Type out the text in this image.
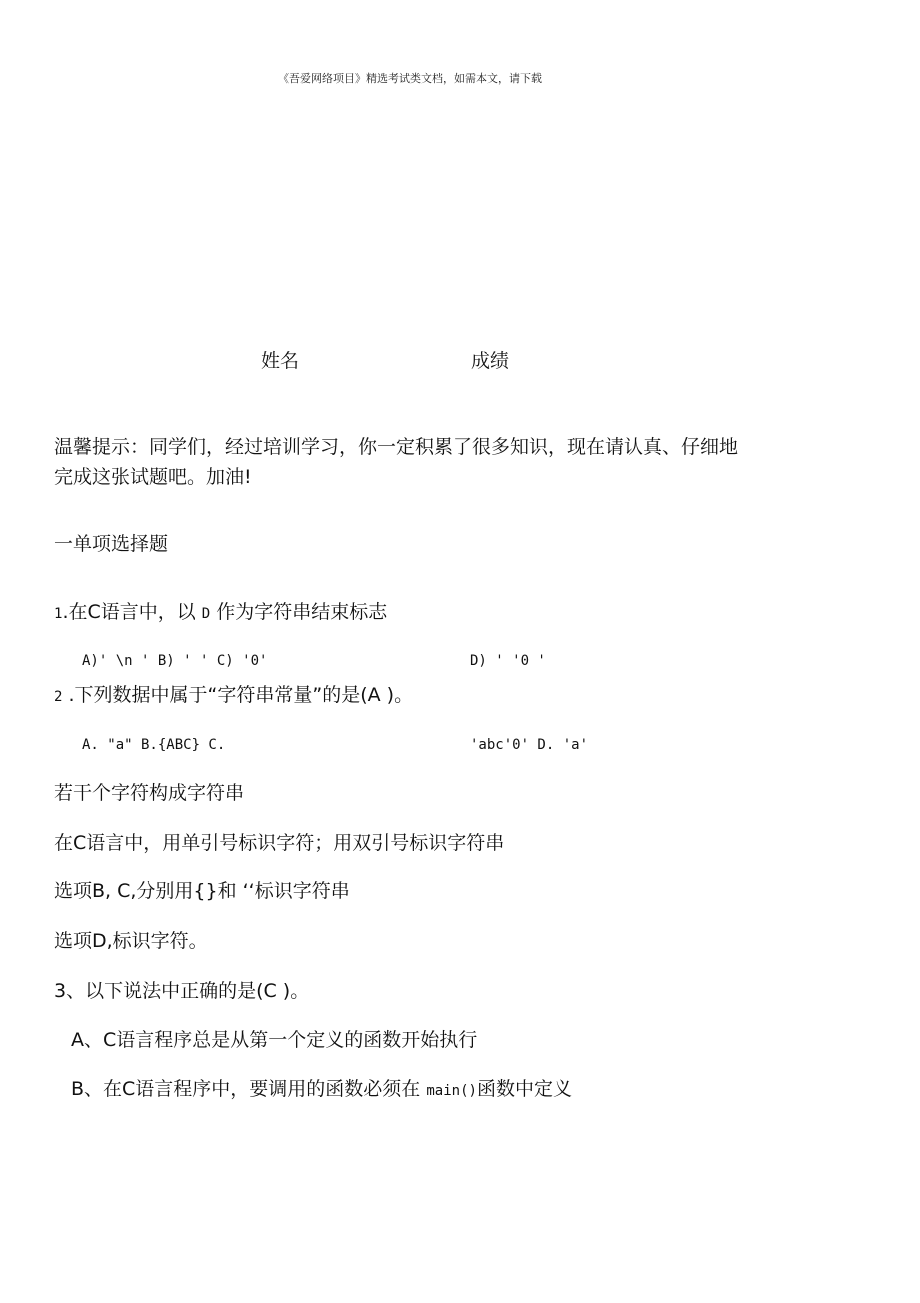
《吾爱网络项目》精选考试类文档，如需本文，请下载
姓名	成绩
温馨提示：同学们，经过培训学习，你一定积累了很多知识，现在请认真、仔细地
完成这张试题吧。加油!
一单项选择题
1.在C语言中，以 D 作为字符串结束标志
A)' \n ' B) ' ' C) '0'	D) ' '0 '
2 .下列数据中属于“字符串常量”的是(A )。
A. "a" B.{ABC} C.	'abc'0' D. 'a'
若干个字符构成字符串
在C语言中，用单引号标识字符；用双引号标识字符串
选项B, C,分别用{}和 ‘‘标识字符串
选项D,标识字符。
3、以下说法中正确的是(C )。
A、C语言程序总是从第一个定义的函数开始执行
B、在C语言程序中，要调用的函数必须在 main()函数中定义
